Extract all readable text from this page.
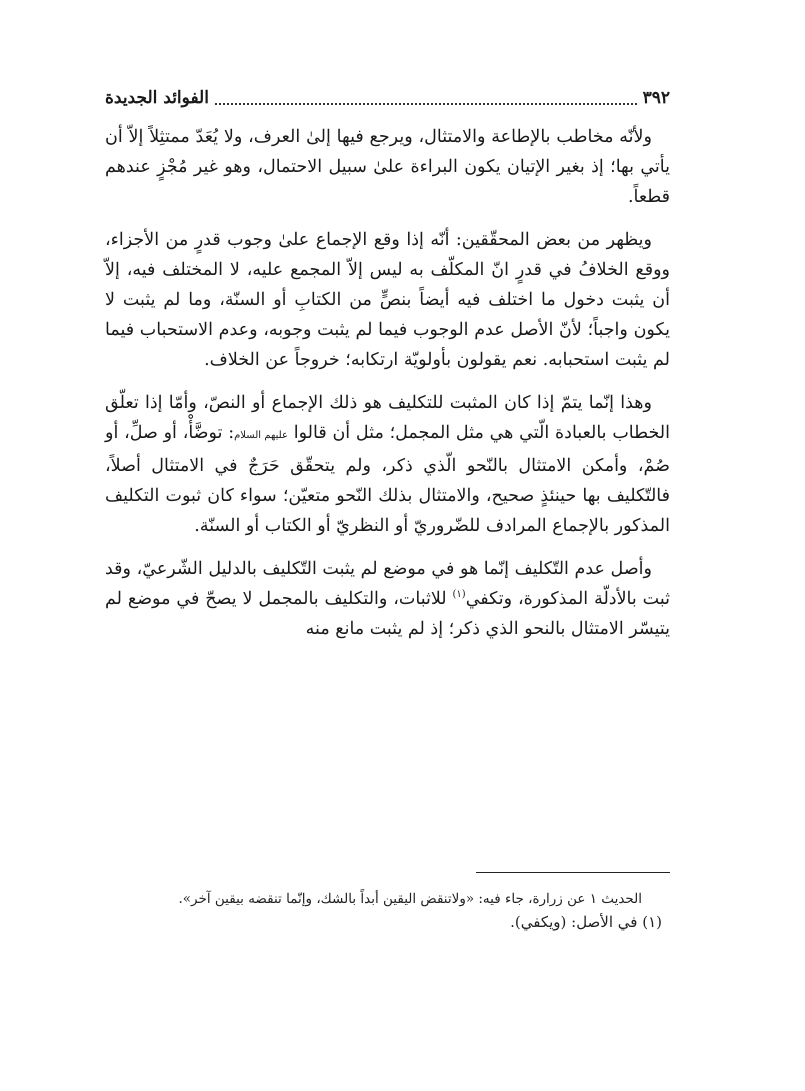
٣٩٢
الفوائد الجديدة

ولأنّه مخاطب بالإطاعة والامتثال، ويرجع فيها إلىٰ العرف، ولا يُعَدّ ممتثِلاً إلاّ أن يأتي بها؛ إذ بغير الإتيان يكون البراءة علىٰ سبيل الاحتمال، وهو غير مُجْزٍ عندهم قطعاً.

ويظهر من بعض المحقّقين: أنّه إذا وقع الإجماع علىٰ وجوب قدرٍ من الأجزاء، ووقع الخلافُ في قدرٍ انّ المكلّف به ليس إلاّ المجمع عليه، لا المختلف فيه، إلاّ أن يثبت دخول ما اختلف فيه أيضاً بنصٍّ من الكتابِ أو السنّة، وما لم يثبت لا يكون واجباً؛ لأنّ الأصل عدم الوجوب فيما لم يثبت وجوبه، وعدم الاستحباب فيما لم يثبت استحبابه. نعم يقولون بأولويّة ارتكابه؛ خروجاً عن الخلاف.

وهذا إنّما يتمّ إذا كان المثبت للتكليف هو ذلك الإجماع أو النصّ، وأمّا إذا تعلّق الخطاب بالعبادة الّتي هي مثل المجمل؛ مثل أن قالوا عليهم السلام: توضَّأْ، أو صلِّ، أو صُمْ، وأمكن الامتثال بالنّحو الّذي ذكر، ولم يتحقّق حَرَجٌ في الامتثال أصلاً، فالتّكليف بها حينئذٍ صحيح، والامتثال بذلك النّحو متعيّن؛ سواء كان ثبوت التكليف المذكور بالإجماع المرادف للضّروريّ أو النظريّ أو الكتاب أو السنّة.

وأصل عدم التّكليف إنّما هو في موضع لم يثبت التّكليف بالدليل الشّرعيّ، وقد ثبت بالأدلّة المذكورة، وتكفي$^{(١)}$ للاثبات، والتكليف بالمجمل لا يصحّ في موضع لم يتيسّر الامتثال بالنحو الذي ذكر؛ إذ لم يثبت مانع منه

الحديث ١ عن زرارة، جاء فيه: «ولاتنقض اليقين أبداً بالشك، وإنّما تنقضه بيقين آخر».

(١) في الأصل: (ويكفي).
